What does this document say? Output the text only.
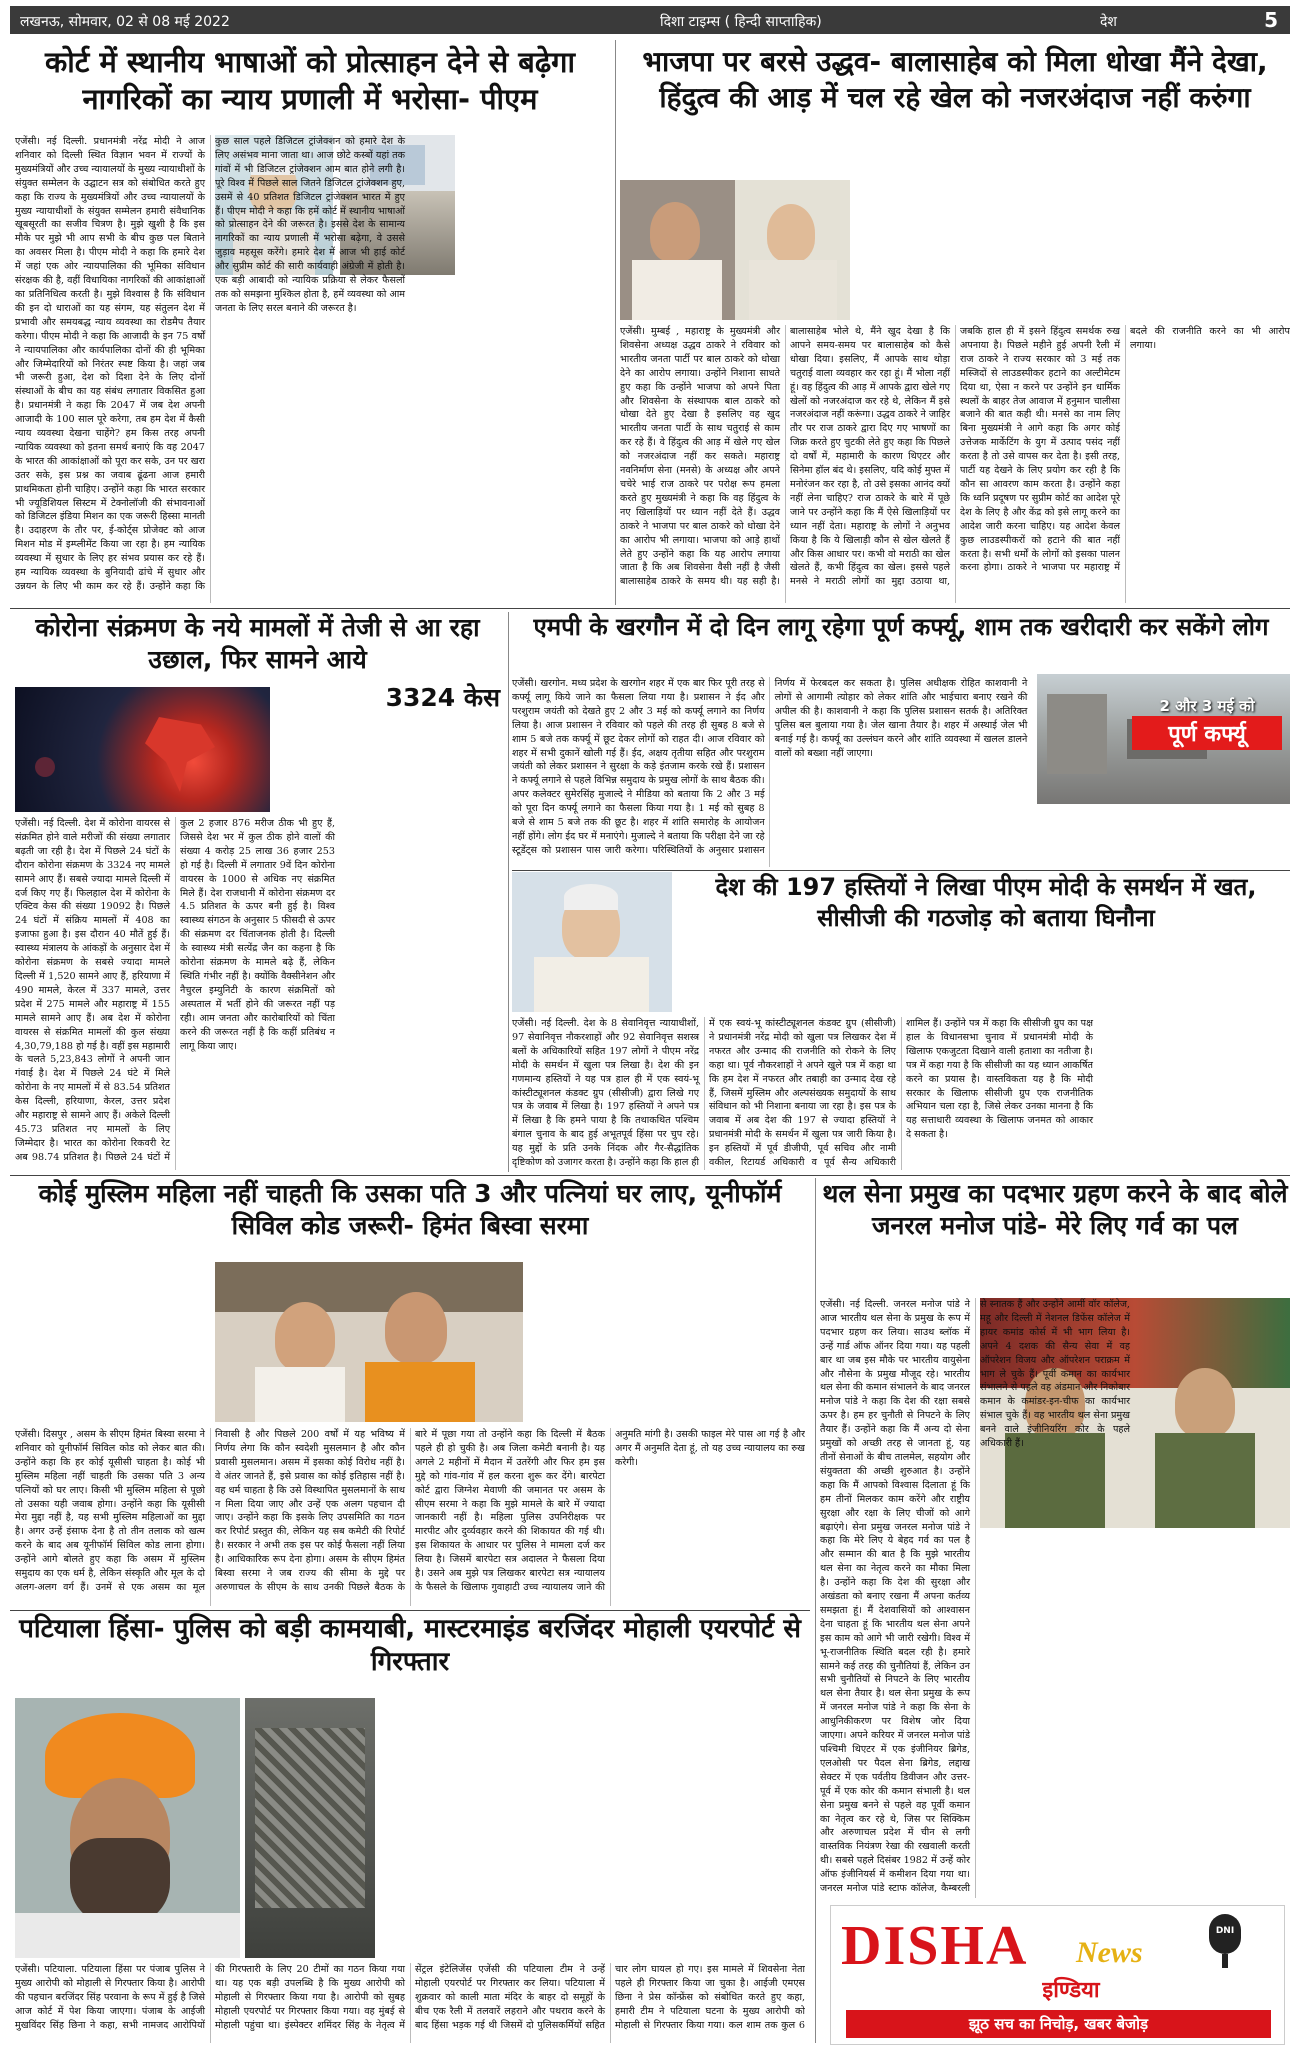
लखनऊ, सोमवार, 02 से 08 मई 2022	दिशा टाइम्स ( हिन्दी साप्ताहिक)	देश	5
कोर्ट में स्थानीय भाषाओं को प्रोत्साहन देने से बढ़ेगा नागरिकों का न्याय प्रणाली में भरोसा- पीएम
एजेंसी। नई दिल्ली. प्रधानमंत्री नरेंद्र मोदी ने आज शनिवार को दिल्ली स्थित विज्ञान भवन में राज्यों के मुख्यमंत्रियों और उच्च न्यायालयों के मुख्य न्यायाधीशों के संयुक्त सम्मेलन के उद्घाटन सत्र को संबोधित करते हुए कहा कि राज्य के मुख्यमंत्रियों और उच्च न्यायालयों के मुख्य न्यायाधीशों के संयुक्त सम्मेलन हमारी संवैधानिक खूबसूरती का सजीव चित्रण है। मुझे खुशी है कि इस मौके पर मुझे भी आप सभी के बीच कुछ पल बिताने का अवसर मिला है। पीएम मोदी ने कहा कि हमारे देश में जहां एक ओर न्यायपालिका की भूमिका संविधान संरक्षक की है, वहीं विधायिका नागरिकों की आकांक्षाओं का प्रतिनिधित्व करती है। मुझे विश्वास है कि संविधान की इन दो धाराओं का यह संगम, यह संतुलन देश में प्रभावी और समयबद्ध न्याय व्यवस्था का रोडमैप तैयार करेगा। पीएम मोदी ने कहा कि आजादी के इन 75 वर्षों ने न्यायपालिका और कार्यपालिका दोनों की ही भूमिका और जिम्मेदारियों को निरंतर स्पष्ट किया है। जहां जब भी जरूरी हुआ, देश को दिशा देने के लिए दोनों संस्थाओं के बीच का यह संबंध लगातार विकसित हुआ है। प्रधानमंत्री ने कहा कि 2047 में जब देश अपनी आजादी के 100 साल पूरे करेगा, तब हम देश में कैसी न्याय व्यवस्था देखना चाहेंगे? हम किस तरह अपनी न्यायिक व्यवस्था को इतना समर्थ बनाएं कि वह 2047 के भारत की आकांक्षाओं को पूरा कर सके, उन पर खरा उतर सके, इस प्रश्न का जवाब ढूंढना आज हमारी प्राथमिकता होनी चाहिए। उन्होंने कहा कि भारत सरकार भी ज्यूडिशियल सिस्टम में टेक्नोलॉजी की संभावनाओं को डिजिटल इंडिया मिशन का एक जरूरी हिस्सा मानती है। उदाहरण के तौर पर, ई-कोर्ट्स प्रोजेक्ट को आज मिशन मोड में इम्प्लीमेंट किया जा रहा है। हम न्यायिक व्यवस्था में सुधार के लिए हर संभव प्रयास कर रहे हैं। हम न्यायिक व्यवस्था के बुनियादी ढांचे में सुधार और उन्नयन के लिए भी काम कर रहे हैं। उन्होंने कहा कि कुछ साल पहले डिजिटल ट्रांजेक्शन को हमारे देश के लिए असंभव माना जाता था। आज छोटे कस्बों यहां तक गांवों में भी डिजिटल ट्रांजेक्शन आम बात होने लगी है। पूरे विश्व में पिछले साल जितने डिजिटल ट्रांजेक्शन हुए, उसमें से 40 प्रतिशत डिजिटल ट्रांजेक्शन भारत में हुए हैं। पीएम मोदी ने कहा कि हमें कोर्ट में स्थानीय भाषाओं को प्रोत्साहन देने की जरूरत है। इससे देश के सामान्य नागरिकों का न्याय प्रणाली में भरोसा बढ़ेगा, वे उससे जुड़ाव महसूस करेंगे। हमारे देश में आज भी हाई कोर्ट और सुप्रीम कोर्ट की सारी कार्यवाही अंग्रेजी में होती है। एक बड़ी आबादी को न्यायिक प्रक्रिया से लेकर फैसलों तक को समझना मुश्किल होता है, हमें व्यवस्था को आम जनता के लिए सरल बनाने की जरूरत है।
भाजपा पर बरसे उद्धव- बालासाहेब को मिला धोखा मैंने देखा, हिंदुत्व की आड़ में चल रहे खेल को नजरअंदाज नहीं करुंगा
एजेंसी। मुम्बई , महाराष्ट्र के मुख्यमंत्री और शिवसेना अध्यक्ष उद्धव ठाकरे ने रविवार को भारतीय जनता पार्टी पर बाल ठाकरे को धोखा देने का आरोप लगाया। उन्होंने निशाना साधते हुए कहा कि उन्होंने भाजपा को अपने पिता और शिवसेना के संस्थापक बाल ठाकरे को धोखा देते हुए देखा है इसलिए वह खुद भारतीय जनता पार्टी के साथ चतुराई से काम कर रहे हैं। वे हिंदुत्व की आड़ में खेले गए खेल को नजरअंदाज नहीं कर सकते। महाराष्ट्र नवनिर्माण सेना (मनसे) के अध्यक्ष और अपने चचेरे भाई राज ठाकरे पर परोक्ष रूप हमला करते हुए मुख्यमंत्री ने कहा कि वह हिंदुत्व के नए खिलाड़ियों पर ध्यान नहीं देते हैं। उद्धव ठाकरे ने भाजपा पर बाल ठाकरे को धोखा देने का आरोप भी लगाया। भाजपा को आड़े हाथों लेते हुए उन्होंने कहा कि यह आरोप लगाया जाता है कि अब शिवसेना वैसी नहीं है जैसी बालासाहेब ठाकरे के समय थी। यह सही है। बालासाहेब भोले थे, मैंने खुद देखा है कि आपने समय-समय पर बालासाहेब को कैसे धोखा दिया। इसलिए, मैं आपके साथ थोड़ा चतुराई वाला व्यवहार कर रहा हूं। मैं भोला नहीं हूं। वह हिंदुत्व की आड़ में आपके द्वारा खेले गए खेलों को नजरअंदाज कर रहे थे, लेकिन मैं इसे नजरअंदाज नहीं करूंगा। उद्धव ठाकरे ने जाहिर तौर पर राज ठाकरे द्वारा दिए गए भाषणों का जिक्र करते हुए चुटकी लेते हुए कहा कि पिछले दो वर्षों में, महामारी के कारण थिएटर और सिनेमा हॉल बंद थे। इसलिए, यदि कोई मुफ्त में मनोरंजन कर रहा है, तो उसे इसका आनंद क्यों नहीं लेना चाहिए? राज ठाकरे के बारे में पूछे जाने पर उन्होंने कहा कि मैं ऐसे खिलाड़ियों पर ध्यान नहीं देता। महाराष्ट्र के लोगों ने अनुभव किया है कि ये खिलाड़ी कौन से खेल खेलते हैं और किस आधार पर। कभी वो मराठी का खेल खेलते हैं, कभी हिंदुत्व का खेल। इससे पहले मनसे ने मराठी लोगों का मुद्दा उठाया था, जबकि हाल ही में इसने हिंदुत्व समर्थक रुख अपनाया है। पिछले महीने हुई अपनी रैली में राज ठाकरे ने राज्य सरकार को 3 मई तक मस्जिदों से लाउडस्पीकर हटाने का अल्टीमेटम दिया था, ऐसा न करने पर उन्होंने इन धार्मिक स्थलों के बाहर तेज आवाज में हनुमान चालीसा बजाने की बात कही थी। मनसे का नाम लिए बिना मुख्यमंत्री ने आगे कहा कि अगर कोई उत्तेजक मार्केटिंग के युग में उत्पाद पसंद नहीं करता है तो उसे वापस कर देता है। इसी तरह, पार्टी यह देखने के लिए प्रयोग कर रही है कि कौन सा आवरण काम करता है। उन्होंने कहा कि ध्वनि प्रदूषण पर सुप्रीम कोर्ट का आदेश पूरे देश के लिए है और केंद्र को इसे लागू करने का आदेश जारी करना चाहिए। यह आदेश केवल कुछ लाउडस्पीकरों को हटाने की बात नहीं करता है। सभी धर्मों के लोगों को इसका पालन करना होगा। ठाकरे ने भाजपा पर महाराष्ट्र में बदले की राजनीति करने का भी आरोप लगाया।
कोरोना संक्रमण के नये मामलों में तेजी से आ रहा उछाल, फिर सामने आये
3324 केस
एजेंसी। नई दिल्ली. देश में कोरोना वायरस से संक्रमित होने वाले मरीजों की संख्या लगातार बढ़ती जा रही है। देश में पिछले 24 घंटों के दौरान कोरोना संक्रमण के 3324 नए मामले सामने आए हैं। सबसे ज्यादा मामले दिल्ली में दर्ज किए गए हैं। फिलहाल देश में कोरोना के एक्टिव केस की संख्या 19092 है। पिछले 24 घंटों में संक्रिय मामलों में 408 का इजाफा हुआ है। इस दौरान 40 मौतें हुई हैं। स्वास्थ्य मंत्रालय के आंकड़ों के अनुसार देश में कोरोना संक्रमण के सबसे ज्यादा मामले दिल्ली में 1,520 सामने आए हैं, हरियाणा में 490 मामले, केरल में 337 मामले, उत्तर प्रदेश में 275 मामले और महाराष्ट्र में 155 मामले सामने आए हैं। अब देश में कोरोना वायरस से संक्रमित मामलों की कुल संख्या 4,30,79,188 हो गई है। वहीं इस महामारी के चलते 5,23,843 लोगों ने अपनी जान गंवाई है। देश में पिछले 24 घंटे में मिले कोरोना के नए मामलों में से 83.54 प्रतिशत केस दिल्ली, हरियाणा, केरल, उत्तर प्रदेश और महाराष्ट्र से सामने आए हैं। अकेले दिल्ली 45.73 प्रतिशत नए मामलों के लिए जिम्मेदार है। भारत का कोरोना रिकवरी रेट अब 98.74 प्रतिशत है। पिछले 24 घंटों में कुल 2 हजार 876 मरीज ठीक भी हुए हैं, जिससे देश भर में कुल ठीक होने वालों की संख्या 4 करोड़ 25 लाख 36 हजार 253 हो गई है। दिल्ली में लगातार 9वें दिन कोरोना वायरस के 1000 से अधिक नए संक्रमित मिले हैं। देश राजधानी में कोरोना संक्रमण दर 4.5 प्रतिशत के ऊपर बनी हुई है। विश्व स्वास्थ्य संगठन के अनुसार 5 फीसदी से ऊपर की संक्रमण दर चिंताजनक होती है। दिल्ली के स्वास्थ्य मंत्री सत्येंद्र जैन का कहना है कि कोरोना संक्रमण के मामले बढ़े हैं, लेकिन स्थिति गंभीर नहीं है। क्योंकि वैक्सीनेशन और नैचुरल इम्युनिटी के कारण संक्रमितों को अस्पताल में भर्ती होने की जरूरत नहीं पड़ रही। आम जनता और कारोबारियों को चिंता करने की जरूरत नहीं है कि कहीं प्रतिबंध न लागू किया जाए।
एमपी के खरगौन में दो दिन लागू रहेगा पूर्ण कर्फ्यू, शाम तक खरीदारी कर सकेंगे लोग
2 और 3 मई को
पूर्ण कर्फ्यू
एजेंसी। खरगोन. मध्य प्रदेश के खरगोन शहर में एक बार फिर पूरी तरह से कर्फ्यू लागू किये जाने का फैसला लिया गया है। प्रशासन ने ईद और परशुराम जयंती को देखते हुए 2 और 3 मई को कर्फ्यू लगाने का निर्णय लिया है। आज प्रशासन ने रविवार को पहले की तरह ही सुबह 8 बजे से शाम 5 बजे तक कर्फ्यू में छूट देकर लोगों को राहत दी। आज रविवार को शहर में सभी दुकानें खोली गई हैं। ईद, अक्षय तृतीया सहित और परशुराम जयंती को लेकर प्रशासन ने सुरक्षा के कड़े इंतजाम करके रखे हैं। प्रशासन ने कर्फ्यू लगाने से पहले विभिन्न समुदाय के प्रमुख लोगों के साथ बैठक की। अपर कलेक्टर सुमेरसिंह मुजाल्दे ने मीडिया को बताया कि 2 और 3 मई को पूरा दिन कर्फ्यू लगाने का फैसला किया गया है। 1 मई को सुबह 8 बजे से शाम 5 बजे तक की छूट है। शहर में शांति समारोह के आयोजन नहीं होंगे। लोग ईद घर में मनाएंगे। मुजाल्दे ने बताया कि परीक्षा देने जा रहे स्टूडेंट्स को प्रशासन पास जारी करेगा। परिस्थितियों के अनुसार प्रशासन निर्णय में फेरबदल कर सकता है। पुलिस अधीक्षक रोहित काशवानी ने लोगों से आगामी त्योहार को लेकर शांति और भाईचारा बनाए रखने की अपील की है। काशवानी ने कहा कि पुलिस प्रशासन सतर्क है। अतिरिक्त पुलिस बल बुलाया गया है। जेल खाना तैयार है। शहर में अस्थाई जेल भी बनाई गई है। कर्फ्यू का उल्लंघन करने और शांति व्यवस्था में खलल डालने वालों को बख्शा नहीं जाएगा।
देश की 197 हस्तियों ने लिखा पीएम मोदी के समर्थन में खत, सीसीजी की गठजोड़ को बताया घिनौना
एजेंसी। नई दिल्ली. देश के 8 सेवानिवृत्त न्यायाधीशों, 97 सेवानिवृत्त नौकरशाहों और 92 सेवानिवृत्त सशस्त्र बलों के अधिकारियों सहित 197 लोगों ने पीएम नरेंद्र मोदी के समर्थन में खुला पत्र लिखा है। देश की इन गणमान्य हस्तियों ने यह पत्र हाल ही में एक स्वयं-भू कांस्टीट्यूशनल कंडक्ट ग्रुप (सीसीजी) द्वारा लिखे गए पत्र के जवाब में लिखा है। 197 हस्तियों ने अपने पत्र में लिखा है कि हमने पाया है कि तथाकथित पश्चिम बंगाल चुनाव के बाद हुई अभूतपूर्व हिंसा पर चुप रहे। यह मुद्दों के प्रति उनके निंदक और गैर-सैद्धांतिक दृष्टिकोण को उजागर करता है। उन्होंने कहा कि हाल ही में एक स्वयं-भू कांस्टीट्यूशनल कंडक्ट ग्रुप (सीसीजी) ने प्रधानमंत्री नरेंद्र मोदी को खुला पत्र लिखकर देश में नफरत और उन्माद की राजनीति को रोकने के लिए कहा था। पूर्व नौकरशाहों ने अपने खुले पत्र में कहा था कि हम देश में नफरत और तबाही का उन्माद देख रहे हैं, जिसमें मुस्लिम और अल्पसंख्यक समुदायों के साथ संविधान को भी निशाना बनाया जा रहा है। इस पत्र के जवाब में अब देश की 197 से ज्यादा हस्तियों ने प्रधानमंत्री मोदी के समर्थन में खुला पत्र जारी किया है। इन हस्तियों में पूर्व डीजीपी, पूर्व सचिव और नामी वकील, रिटायर्ड अधिकारी व पूर्व सैन्य अधिकारी शामिल हैं। उन्होंने पत्र में कहा कि सीसीजी ग्रुप का पक्ष हाल के विधानसभा चुनाव में प्रधानमंत्री मोदी के खिलाफ एकजुटता दिखाने वाली हताशा का नतीजा है। पत्र में कहा गया है कि सीसीजी का यह ध्यान आकर्षित करने का प्रयास है। वास्तविकता यह है कि मोदी सरकार के खिलाफ सीसीजी ग्रुप एक राजनीतिक अभियान चला रहा है, जिसे लेकर उनका मानना है कि यह सत्ताधारी व्यवस्था के खिलाफ जनमत को आकार दे सकता है।
कोई मुस्लिम महिला नहीं चाहती कि उसका पति 3 और पत्नियां घर लाए, यूनीफॉर्म सिविल कोड जरूरी- हिमंत बिस्वा सरमा
एजेंसी। दिसपुर , असम के सीएम हिमंत बिस्वा सरमा ने शनिवार को यूनीफॉर्म सिविल कोड को लेकर बात की। उन्होंने कहा कि हर कोई यूसीसी चाहता है। कोई भी मुस्लिम महिला नहीं चाहती कि उसका पति 3 अन्य पत्नियों को घर लाए। किसी भी मुस्लिम महिला से पूछो तो उसका यही जवाब होगा। उन्होंने कहा कि यूसीसी मेरा मुद्दा नहीं है, यह सभी मुस्लिम महिलाओं का मुद्दा है। अगर उन्हें इंसाफ देना है तो तीन तलाक को खत्म करने के बाद अब यूनीफॉर्म सिविल कोड लाना होगा। उन्होंने आगे बोलते हुए कहा कि असम में मुस्लिम समुदाय का एक धर्म है, लेकिन संस्कृति और मूल के दो अलग-अलग वर्ग हैं। उनमें से एक असम का मूल निवासी है और पिछले 200 वर्षों में यह भविष्य में निर्णय लेगा कि कौन स्वदेशी मुसलमान है और कौन प्रवासी मुसलमान। असम में इसका कोई विरोध नहीं है। वे अंतर जानते हैं, इसे प्रवास का कोई इतिहास नहीं है। वह धर्म चाहता है कि उसे विस्थापित मुसलमानों के साथ न मिला दिया जाए और उन्हें एक अलग पहचान दी जाए। उन्होंने कहा कि इसके लिए उपसमिति का गठन कर रिपोर्ट प्रस्तुत की, लेकिन यह सब कमेटी की रिपोर्ट है। सरकार ने अभी तक इस पर कोई फैसला नहीं लिया है। आधिकारिक रूप देना होगा। असम के सीएम हिमंत बिस्वा सरमा ने जब राज्य की सीमा के मुद्दे पर अरुणाचल के सीएम के साथ उनकी पिछले बैठक के बारे में पूछा गया तो उन्होंने कहा कि दिल्ली में बैठक पहले ही हो चुकी है। अब जिला कमेटी बनानी है। यह अगले 2 महीनों में मैदान में उतरेंगी और फिर हम इस मुद्दे को गांव-गांव में हल करना शुरू कर देंगे। बारपेटा कोर्ट द्वारा जिग्नेश मेवाणी की जमानत पर असम के सीएम सरमा ने कहा कि मुझे मामले के बारे में ज्यादा जानकारी नहीं है। महिला पुलिस उपनिरीक्षक पर मारपीट और दुर्व्यवहार करने की शिकायत की गई थी। इस शिकायत के आधार पर पुलिस ने मामला दर्ज कर लिया है। जिसमें बारपेटा सत्र अदालत ने फैसला दिया है। उसने अब मुझे पत्र लिखकर बारपेटा सत्र न्यायालय के फैसले के खिलाफ गुवाहाटी उच्च न्यायालय जाने की अनुमति मांगी है। उसकी फाइल मेरे पास आ गई है और अगर मैं अनुमति देता हूं, तो यह उच्च न्यायालय का रुख करेगी।
थल सेना प्रमुख का पदभार ग्रहण करने के बाद बोले जनरल मनोज पांडे- मेरे लिए गर्व का पल
एजेंसी। नई दिल्ली. जनरल मनोज पांडे ने आज भारतीय थल सेना के प्रमुख के रूप में पदभार ग्रहण कर लिया। साउथ ब्लॉक में उन्हें गार्ड ऑफ ऑनर दिया गया। यह पहली बार था जब इस मौके पर भारतीय वायुसेना और नौसेना के प्रमुख मौजूद रहे। भारतीय थल सेना की कमान संभालने के बाद जनरल मनोज पांडे ने कहा कि देश की रक्षा सबसे ऊपर है। हम हर चुनौती से निपटने के लिए तैयार हैं। उन्होंने कहा कि मैं अन्य दो सेना प्रमुखों को अच्छी तरह से जानता हूं, यह तीनों सेनाओं के बीच तालमेल, सहयोग और संयुक्तता की अच्छी शुरुआत है। उन्होंने कहा कि मैं आपको विश्वास दिलाता हूं कि हम तीनों मिलकर काम करेंगे और राष्ट्रीय सुरक्षा और रक्षा के लिए चीजों को आगे बढ़ाएंगे। सेना प्रमुख जनरल मनोज पांडे ने कहा कि मेरे लिए ये बेहद गर्व का पल है और सम्मान की बात है कि मुझे भारतीय थल सेना का नेतृत्व करने का मौका मिला है। उन्होंने कहा कि देश की सुरक्षा और अखंडता को बनाए रखना मैं अपना कर्तव्य समझता हूं। मैं देशवासियों को आश्वासन देना चाहता हूं कि भारतीय थल सेना अपने इस काम को आगे भी जारी रखेगी। विश्व में भू-राजनीतिक स्थिति बदल रही है। हमारे सामने कई तरह की चुनौतियां हैं, लेकिन उन सभी चुनौतियों से निपटने के लिए भारतीय थल सेना तैयार है। थल सेना प्रमुख के रूप में जनरल मनोज पांडे ने कहा कि सेना के आधुनिकीकरण पर विशेष जोर दिया जाएगा। अपने करियर में जनरल मनोज पांडे पश्चिमी थिएटर में एक इंजीनियर ब्रिगेड, एलओसी पर पैदल सेना ब्रिगेड, लद्दाख सेक्टर में एक पर्वतीय डिवीजन और उत्तर-पूर्व में एक कोर की कमान संभाली है। थल सेना प्रमुख बनने से पहले वह पूर्वी कमान का नेतृत्व कर रहे थे, जिस पर सिक्किम और अरुणाचल प्रदेश में चीन से लगी वास्तविक नियंत्रण रेखा की रखवाली करती थी। सबसे पहले दिसंबर 1982 में उन्हें कोर ऑफ इंजीनियर्स में कमीशन दिया गया था। जनरल मनोज पांडे स्टाफ कॉलेज, कैम्बरली से स्नातक हैं और उन्होंने आर्मी वॉर कॉलेज, महू और दिल्ली में नेशनल डिफेंस कॉलेज में हायर कमांड कोर्स में भी भाग लिया है। अपने 4 दशक की सैन्य सेवा में वह ऑपरेशन विजय और ऑपरेशन पराक्रम में भाग ले चुके हैं। पूर्वी कमान का कार्यभार संभालने से पहले वह अंडमान और निकोबार कमान के कमांडर-इन-चीफ का कार्यभार संभाल चुके हैं। वह भारतीय थल सेना प्रमुख बनने वाले इंजीनियरिंग कोर के पहले अधिकारी हैं।
पटियाला हिंसा- पुलिस को बड़ी कामयाबी, मास्टरमाइंड बरजिंदर मोहाली एयरपोर्ट से गिरफ्तार
एजेंसी। पटियाला. पटियाला हिंसा पर पंजाब पुलिस ने मुख्य आरोपी को मोहाली से गिरफ्तार किया है। आरोपी की पहचान बरजिंदर सिंह परवाना के रूप में हुई है जिसे आज कोर्ट में पेश किया जाएगा। पंजाब के आईजी मुखविंदर सिंह छिना ने कहा, सभी नामजद आरोपियों की गिरफ्तारी के लिए 20 टीमों का गठन किया गया था। यह एक बड़ी उपलब्धि है कि मुख्य आरोपी को मोहाली से गिरफ्तार किया गया है। आरोपी को सुबह मोहाली एयरपोर्ट पर गिरफ्तार किया गया। वह मुंबई से मोहाली पहुंचा था। इंस्पेक्टर शमिंदर सिंह के नेतृत्व में सेंट्रल इंटेलिजेंस एजेंसी की पटियाला टीम ने उन्हें मोहाली एयरपोर्ट पर गिरफ्तार कर लिया। पटियाला में शुक्रवार को काली माता मंदिर के बाहर दो समूहों के बीच एक रैली में तलवारें लहराने और पथराव करने के बाद हिंसा भड़क गई थी जिसमें दो पुलिसकर्मियों सहित चार लोग घायल हो गए। इस मामले में शिवसेना नेता पहले ही गिरफ्तार किया जा चुका है। आईजी एमएस छिना ने प्रेस कॉन्फ्रेंस को संबोधित करते हुए कहा, हमारी टीम ने पटियाला घटना के मुख्य आरोपी को मोहाली से गिरफ्तार किया गया। कल शाम तक कुल 6
DISHA News
DNI
इण्डिया
झूठ सच का निचोड़, खबर बेजोड़
